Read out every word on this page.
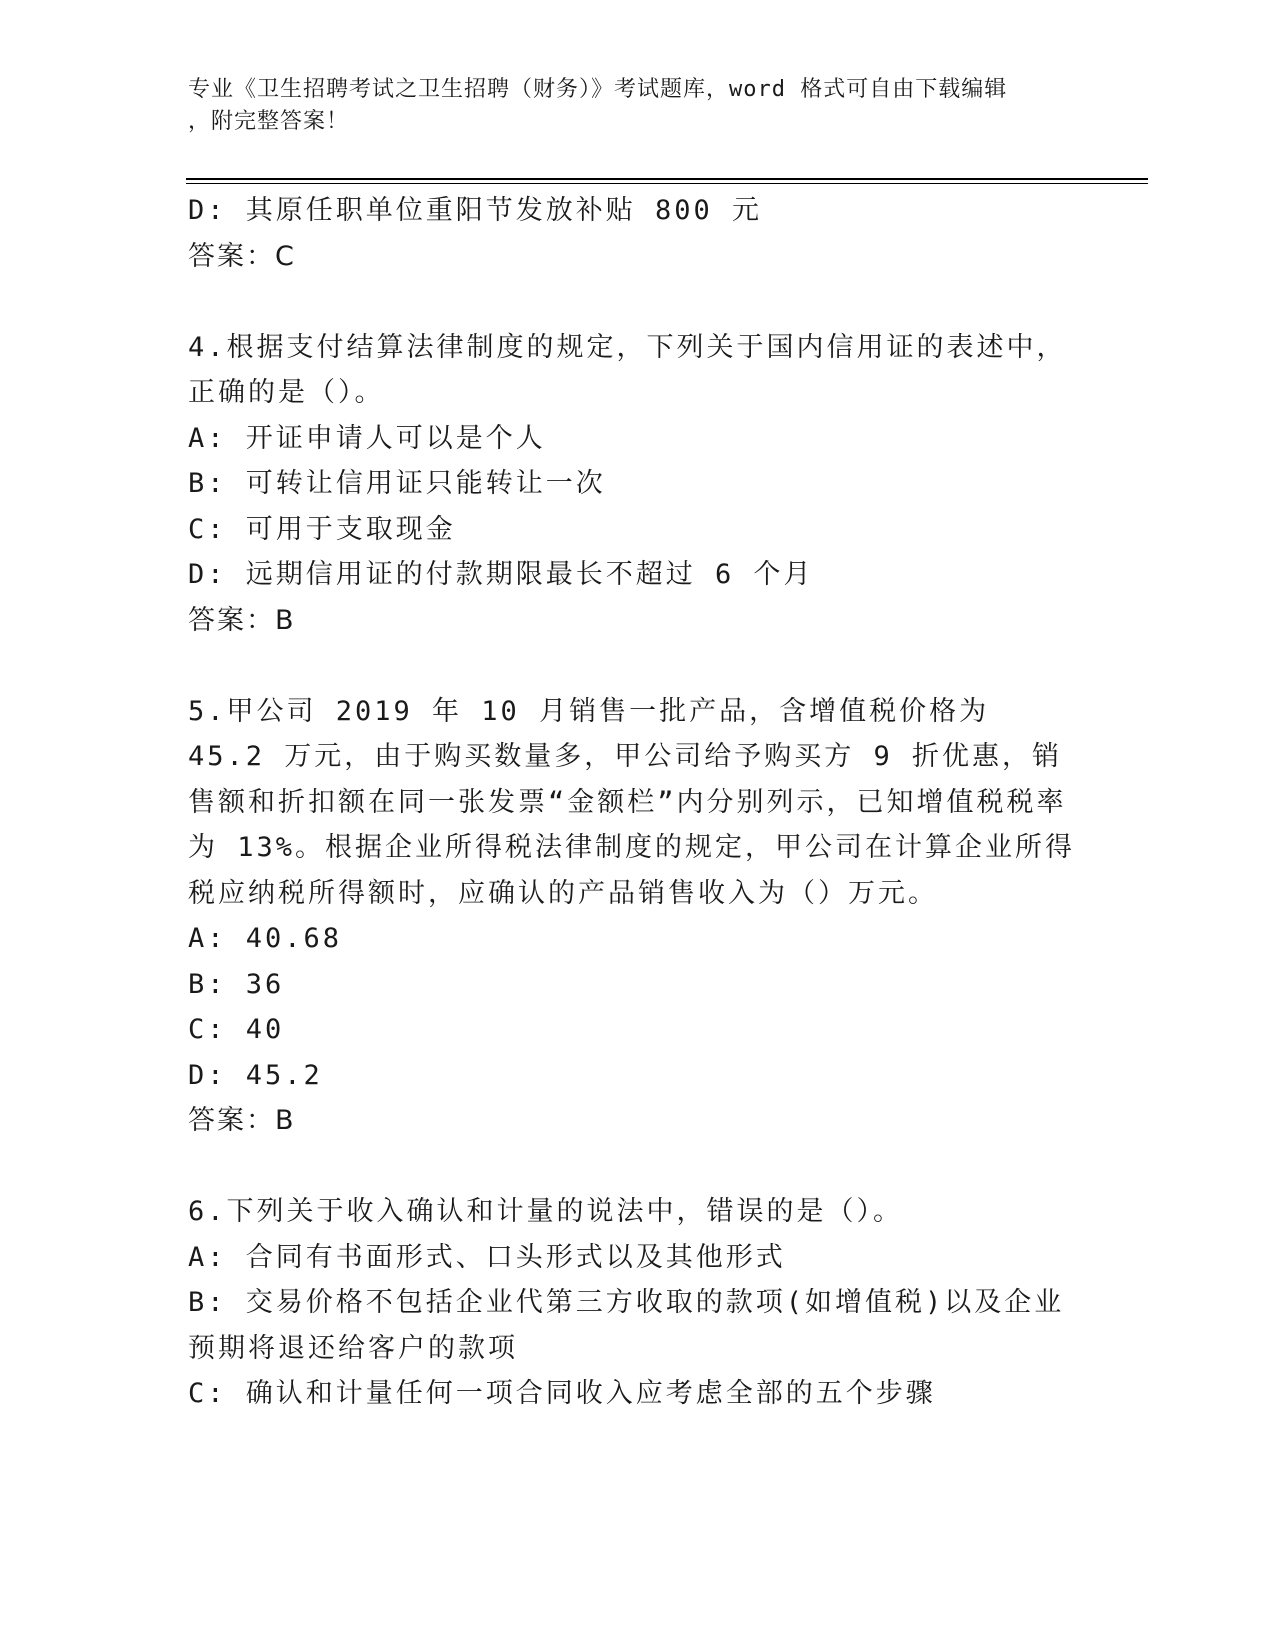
专业《卫生招聘考试之卫生招聘（财务）》考试题库，word 格式可自由下载编辑

，附完整答案！

D: 其原任职单位重阳节发放补贴 800 元

答案：C

4.根据支付结算法律制度的规定，下列关于国内信用证的表述中，正确的是（）。

A: 开证申请人可以是个人

B: 可转让信用证只能转让一次

C: 可用于支取现金

D: 远期信用证的付款期限最长不超过 6 个月

答案：B

5.甲公司 2019 年 10 月销售一批产品，含增值税价格为 45.2 万元，由于购买数量多，甲公司给予购买方 9 折优惠，销售额和折扣额在同一张发票“金额栏”内分别列示，已知增值税税率为 13%。根据企业所得税法律制度的规定，甲公司在计算企业所得税应纳税所得额时，应确认的产品销售收入为（）万元。

A: 40.68

B: 36

C: 40

D: 45.2

答案：B

6.下列关于收入确认和计量的说法中，错误的是（）。

A: 合同有书面形式、口头形式以及其他形式

B: 交易价格不包括企业代第三方收取的款项(如增值税)以及企业预期将退还给客户的款项

C: 确认和计量任何一项合同收入应考虑全部的五个步骤
